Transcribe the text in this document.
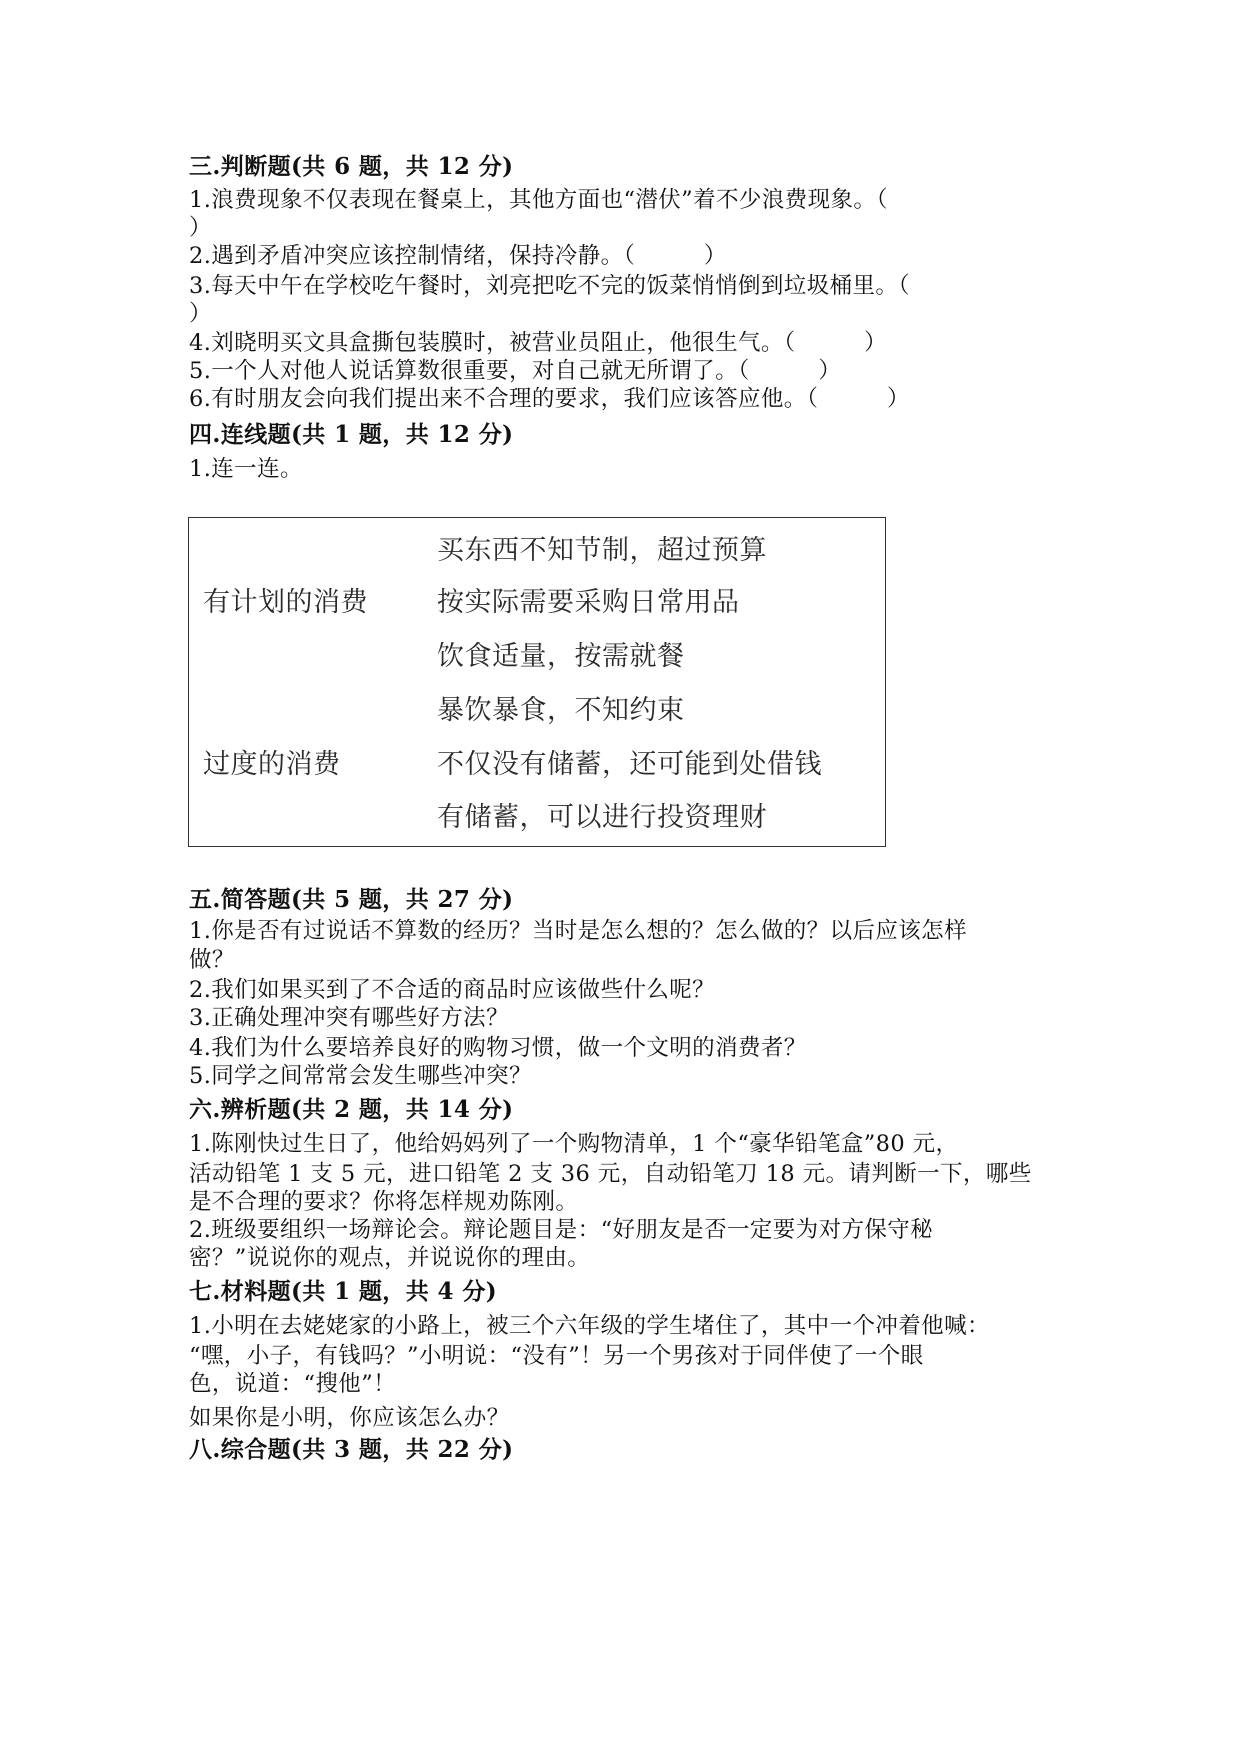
三.判断题(共 6 题，共 12 分)
1.浪费现象不仅表现在餐桌上，其他方面也“潜伏”着不少浪费现象。（
）
2.遇到矛盾冲突应该控制情绪，保持冷静。（　　　）
3.每天中午在学校吃午餐时，刘亮把吃不完的饭菜悄悄倒到垃圾桶里。（
）
4.刘晓明买文具盒撕包装膜时，被营业员阻止，他很生气。（　　　）
5.一个人对他人说话算数很重要，对自己就无所谓了。（　　　）
6.有时朋友会向我们提出来不合理的要求，我们应该答应他。（　　　）
四.连线题(共 1 题，共 12 分)
1.连一连。
有计划的消费
过度的消费
买东西不知节制，超过预算
按实际需要采购日常用品
饮食适量，按需就餐
暴饮暴食，不知约束
不仅没有储蓄，还可能到处借钱
有储蓄，可以进行投资理财
五.简答题(共 5 题，共 27 分)
1.你是否有过说话不算数的经历？当时是怎么想的？怎么做的？以后应该怎样
做？
2.我们如果买到了不合适的商品时应该做些什么呢？
3.正确处理冲突有哪些好方法？
4.我们为什么要培养良好的购物习惯，做一个文明的消费者？
5.同学之间常常会发生哪些冲突？
六.辨析题(共 2 题，共 14 分)
1.陈刚快过生日了，他给妈妈列了一个购物清单，1 个“豪华铅笔盒”80 元，
活动铅笔 1 支 5 元，进口铅笔 2 支 36 元，自动铅笔刀 18 元。请判断一下，哪些
是不合理的要求？你将怎样规劝陈刚。
2.班级要组织一场辩论会。辩论题目是：“好朋友是否一定要为对方保守秘
密？”说说你的观点，并说说你的理由。
七.材料题(共 1 题，共 4 分)
1.小明在去姥姥家的小路上，被三个六年级的学生堵住了，其中一个冲着他喊：
“嘿，小子，有钱吗？”小明说：“没有”！另一个男孩对于同伴使了一个眼
色，说道：“搜他”！
如果你是小明，你应该怎么办？
八.综合题(共 3 题，共 22 分)
